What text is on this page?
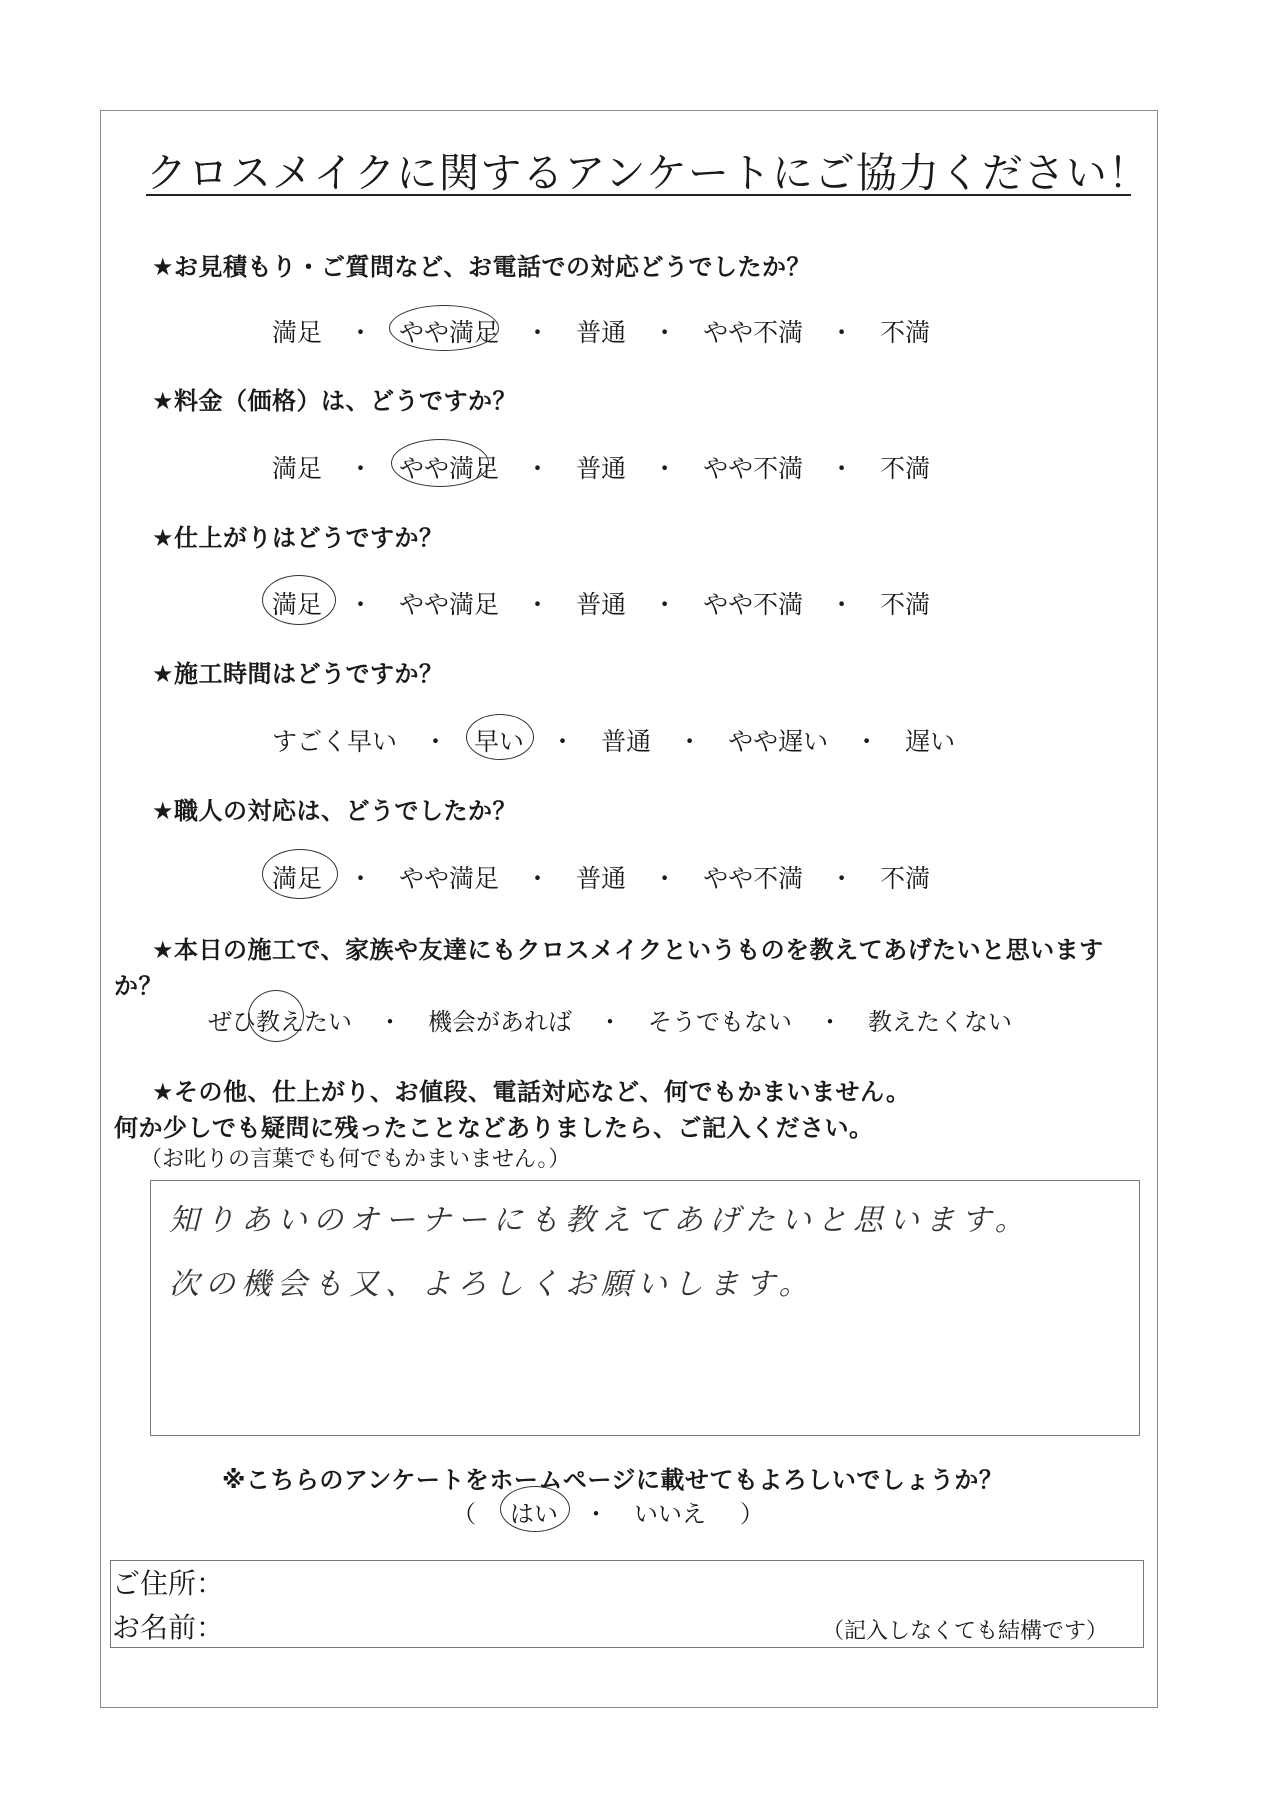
クロスメイクに関するアンケートにご協力ください！
★お見積もり・ご質問など、お電話での対応どうでしたか？
満足 ・ やや満足 ・ 普通 ・ やや不満 ・ 不満
★料金（価格）は、どうですか？
満足 ・ やや満足 ・ 普通 ・ やや不満 ・ 不満
★仕上がりはどうですか？
満足 ・ やや満足 ・ 普通 ・ やや不満 ・ 不満
★施工時間はどうですか？
すごく早い ・ 早い ・ 普通 ・ やや遅い ・ 遅い
★職人の対応は、どうでしたか？
満足 ・ やや満足 ・ 普通 ・ やや不満 ・ 不満
★本日の施工で、家族や友達にもクロスメイクというものを教えてあげたいと思います
か？
ぜひ教えたい ・ 機会があれば ・ そうでもない ・ 教えたくない
★その他、仕上がり、お値段、電話対応など、何でもかまいません。
何か少しでも疑問に残ったことなどありましたら、ご記入ください。
（お叱りの言葉でも何でもかまいません。）
知りあいのオーナーにも教えてあげたいと思います。
次の機会も又、よろしくお願いします。
※こちらのアンケートをホームページに載せてもよろしいでしょうか？
（ はい ・ いいえ ）
ご住所：
お名前：	（記入しなくても結構です）
